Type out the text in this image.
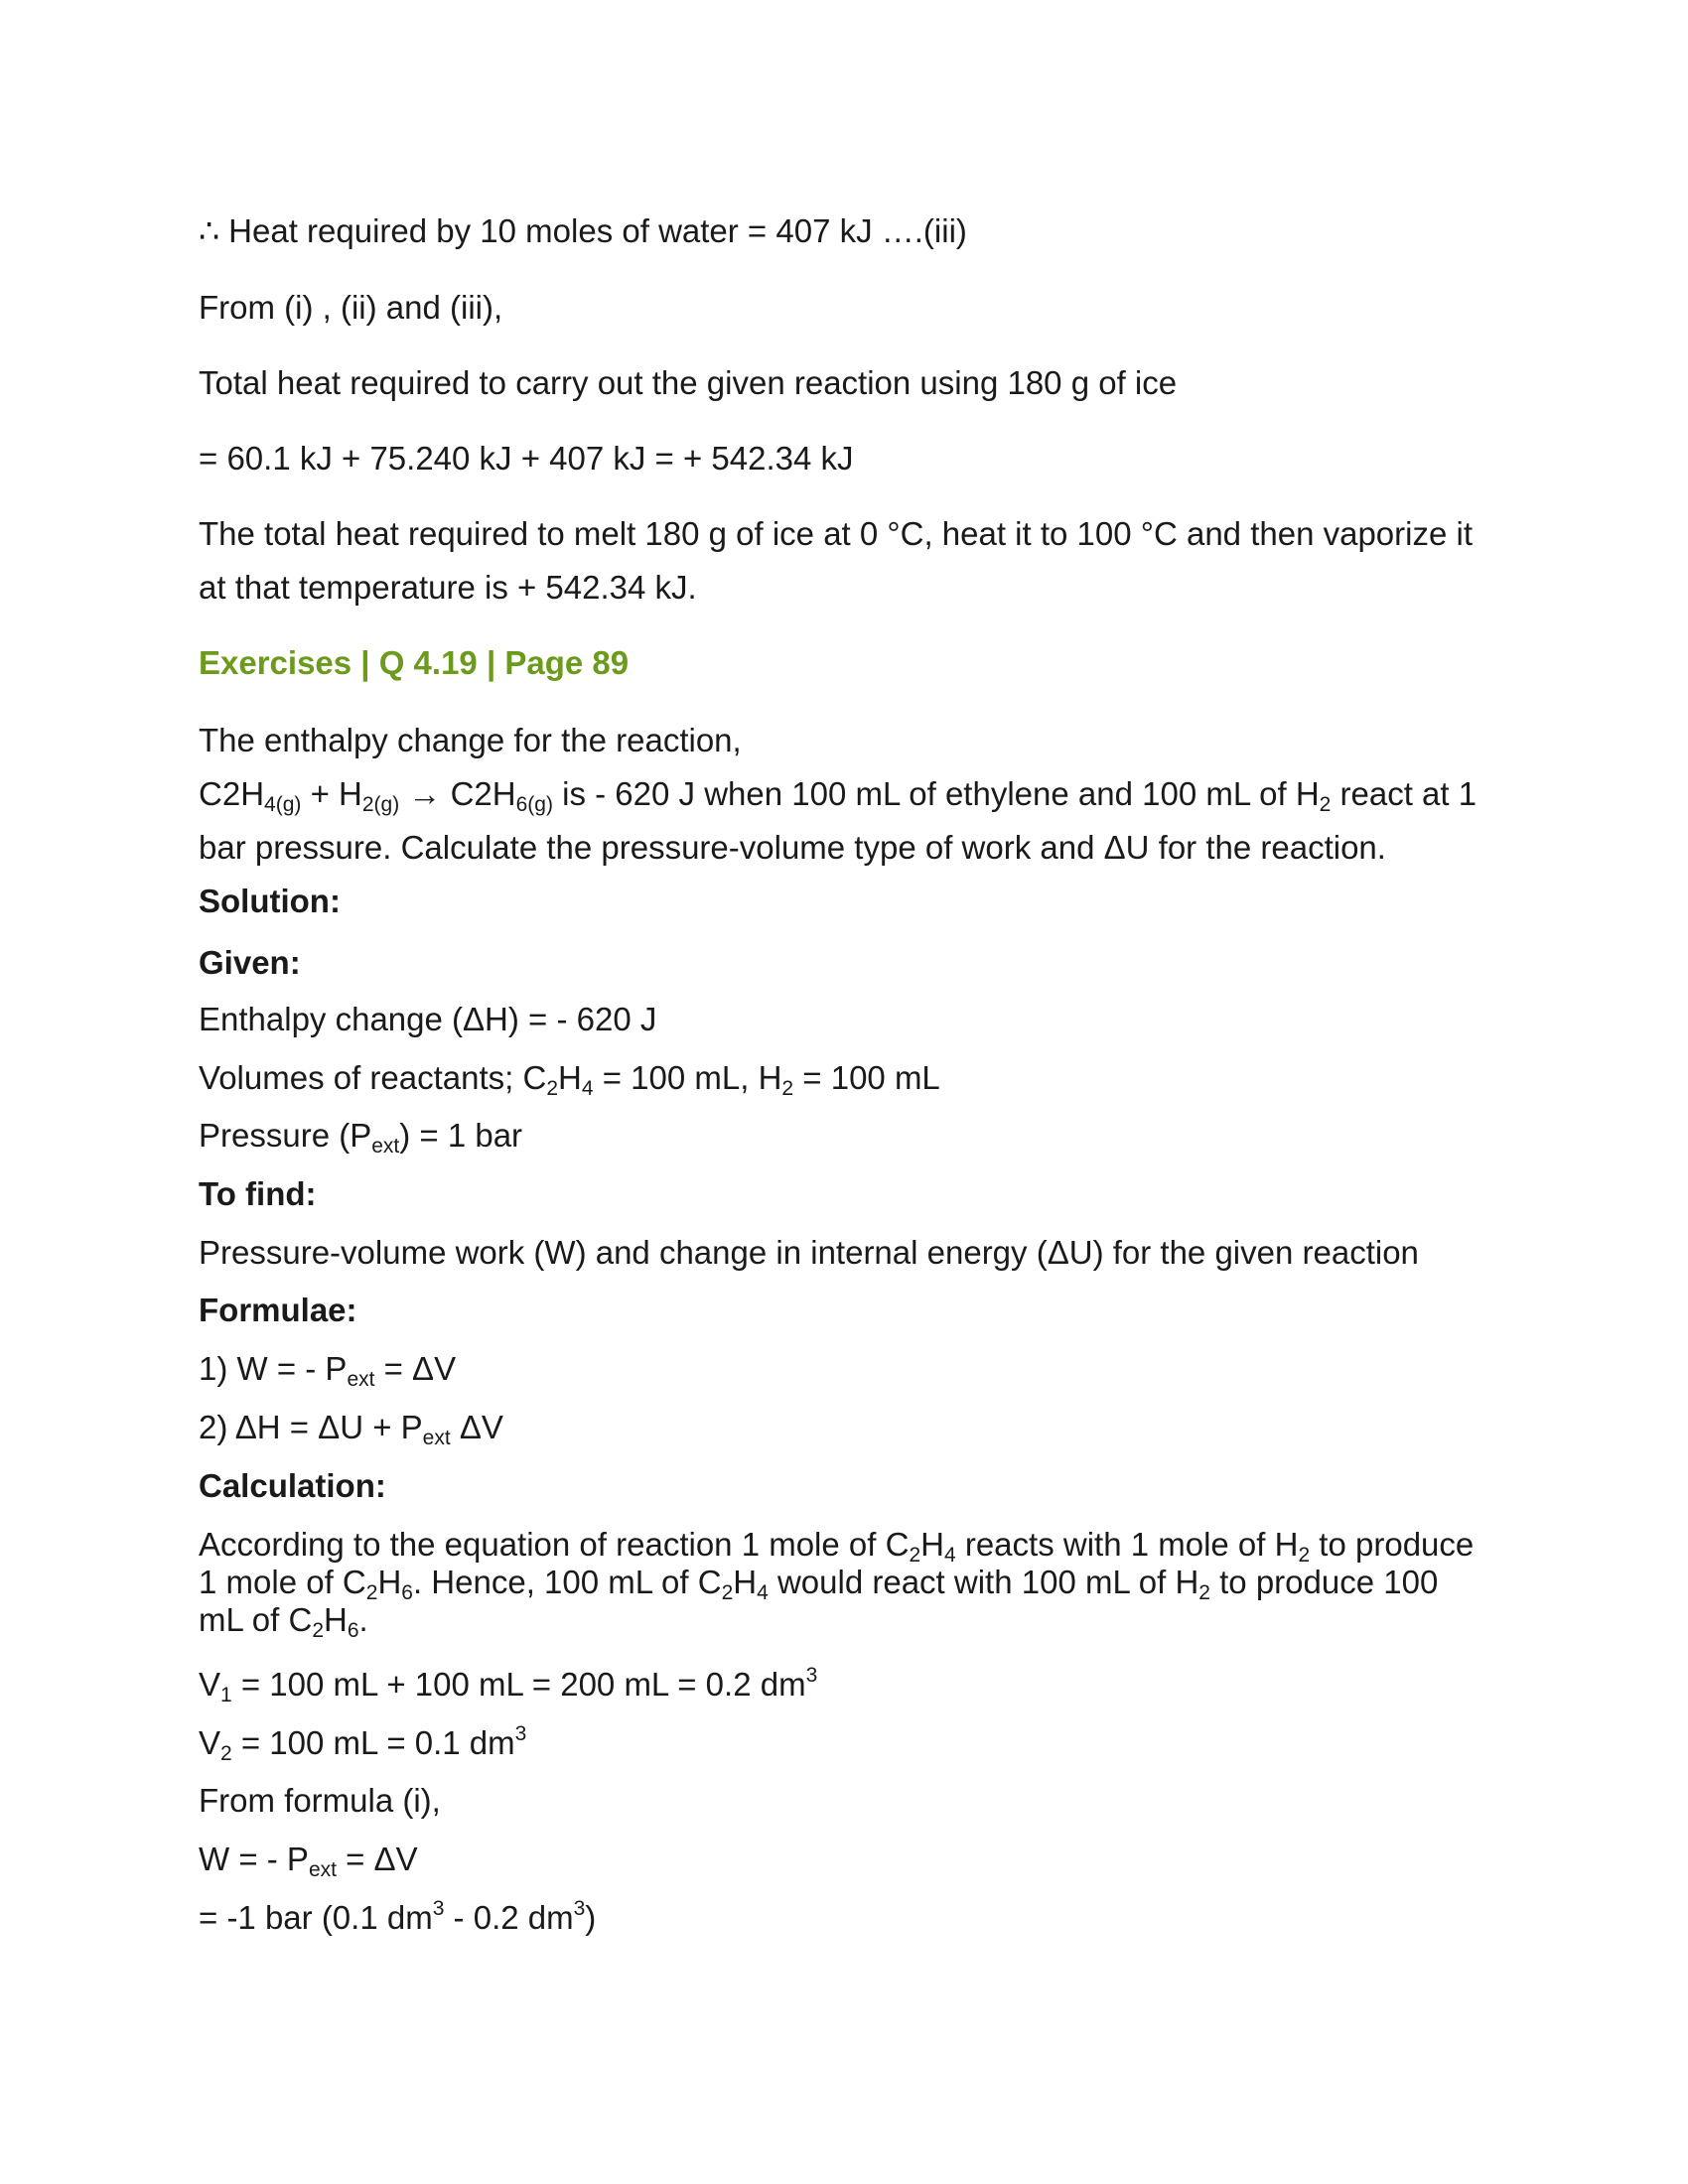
∴ Heat required by 10 moles of water = 407 kJ ….(iii)
From (i) , (ii) and (iii),
Total heat required to carry out the given reaction using 180 g of ice
= 60.1 kJ + 75.240 kJ + 407 kJ = + 542.34 kJ
The total heat required to melt 180 g of ice at 0 °C, heat it to 100 °C and then vaporize it
at that temperature is + 542.34 kJ.
Exercises | Q 4.19 | Page 89
The enthalpy change for the reaction,
$C2H_{4(g)} + H_{2(g)} \to C2H_{6(g)}$ is - 620 J when 100 mL of ethylene and 100 mL of $H_2$ react at 1
bar pressure. Calculate the pressure-volume type of work and ΔU for the reaction.
Solution:
Given:
Enthalpy change (ΔH) = - 620 J
Volumes of reactants; $C_2H_4 = 100$ mL, $H_2 = 100$ mL
Pressure $(P_{ext}) = 1$ bar
To find:
Pressure-volume work (W) and change in internal energy (ΔU) for the given reaction
Formulae:
1) W = - $P_{ext} = \Delta V$
2) $\Delta H = \Delta U + P_{ext}$ ΔV
Calculation:
According to the equation of reaction 1 mole of $C_2H_4$ reacts with 1 mole of $H_2$ to produce
1 mole of $C_2H_6$. Hence, 100 mL of $C_2H_4$ would react with 100 mL of $H_2$ to produce 100
mL of $C_2H_6$.
$V_1 = 100$ mL + 100 mL = 200 mL = 0.2 $dm^3$
$V_2 = 100$ mL = 0.1 $dm^3$
From formula (i),
W = - $P_{ext} = \Delta V$
= -1 bar (0.1 $dm^3 - 0.2$ $dm^3$)
